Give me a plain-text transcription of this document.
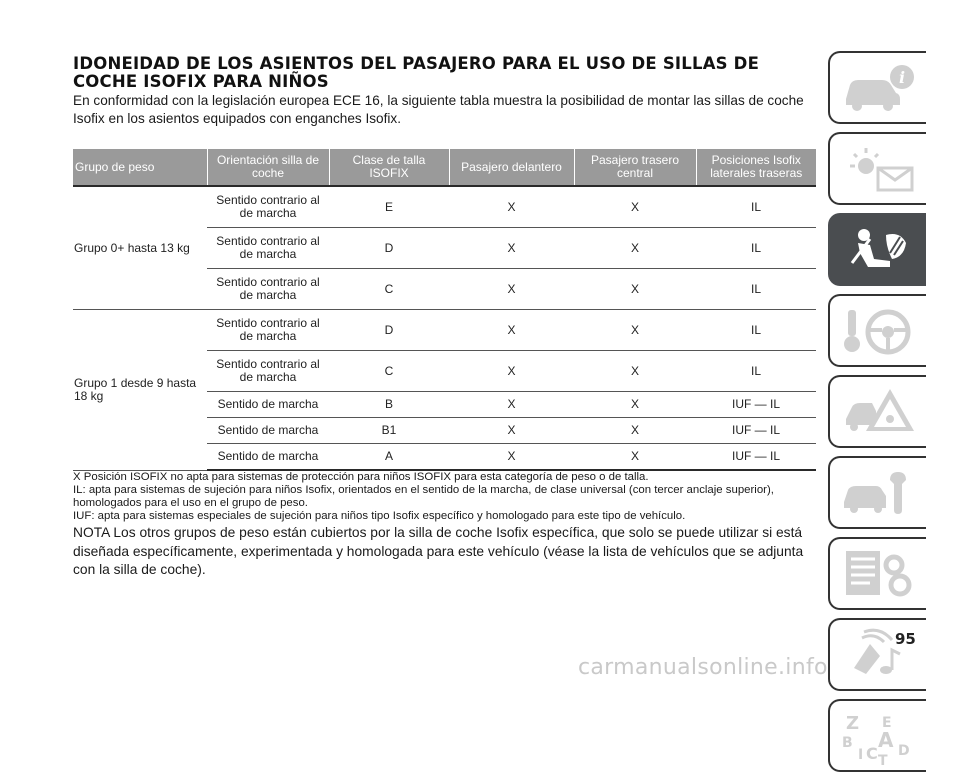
IDONEIDAD DE LOS ASIENTOS DEL PASAJERO PARA EL USO DE SILLAS DE COCHE ISOFIX PARA NIÑOS

En conformidad con la legislación europea ECE 16, la siguiente tabla muestra la posibilidad de montar las sillas de coche Isofix en los asientos equipados con enganches Isofix.

Grupo de peso	Orientación silla de coche	Clase de talla ISOFIX	Pasajero delantero	Pasajero trasero central	Posiciones Isofix laterales traseras
Grupo 0+ hasta 13 kg	Sentido contrario al de marcha	E	X	X	IL
	Sentido contrario al de marcha	D	X	X	IL
	Sentido contrario al de marcha	C	X	X	IL
Grupo 1 desde 9 hasta 18 kg	Sentido contrario al de marcha	D	X	X	IL
	Sentido contrario al de marcha	C	X	X	IL
	Sentido de marcha	B	X	X	IUF — IL
	Sentido de marcha	B1	X	X	IUF — IL
	Sentido de marcha	A	X	X	IUF — IL

X Posición ISOFIX no apta para sistemas de protección para niños ISOFIX para esta categoría de peso o de talla.

IL: apta para sistemas de sujeción para niños Isofix, orientados en el sentido de la marcha, de clase universal (con tercer anclaje superior), homologados para el uso en el grupo de peso.

IUF: apta para sistemas especiales de sujeción para niños tipo Isofix específico y homologado para este tipo de vehículo.

NOTA Los otros grupos de peso están cubiertos por la silla de coche Isofix específica, que solo se puede utilizar si está diseñada específicamente, experimentada y homologada para este vehículo (véase la lista de vehículos que se adjunta con la silla de coche).

i
Z E
B A
I C D
T
95
carmanualsonline.info
